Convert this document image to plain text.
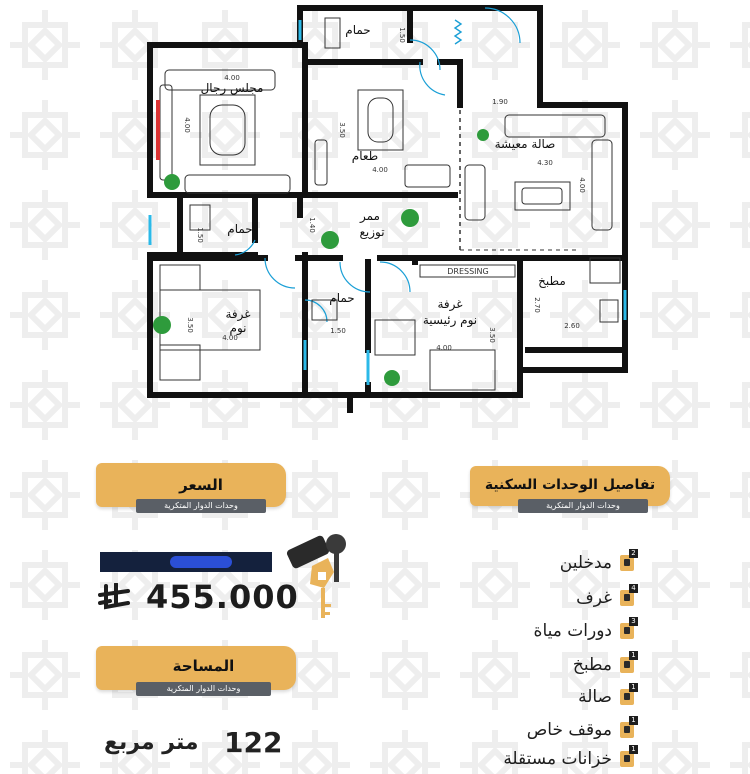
مجلس رجال
حمام
طعام
صالة معيشة
حمام
ممر
توزيع
غرفة
نوم
حمام	غرفة
نوم رئيسية
مطبخ
DRESSING
4.00
4.00	3.50
4.00
1.90
4.30
4.00
1.50
1.40
1.50
3.50
4.00
1.50
4.00
3.50
2.70
2.60
السعر
وحدات الدوار المتكرية
455.000
المساحة
وحدات الدوار المتكرية
122
متر مربع
تفاصيل الوحدات السكنية
وحدات الدوار المتكرية
مدخلين	2
غرف	4
دورات مياة	3
مطبخ	1
صالة	1
موقف خاص	1
خزانات مستقلة	1
